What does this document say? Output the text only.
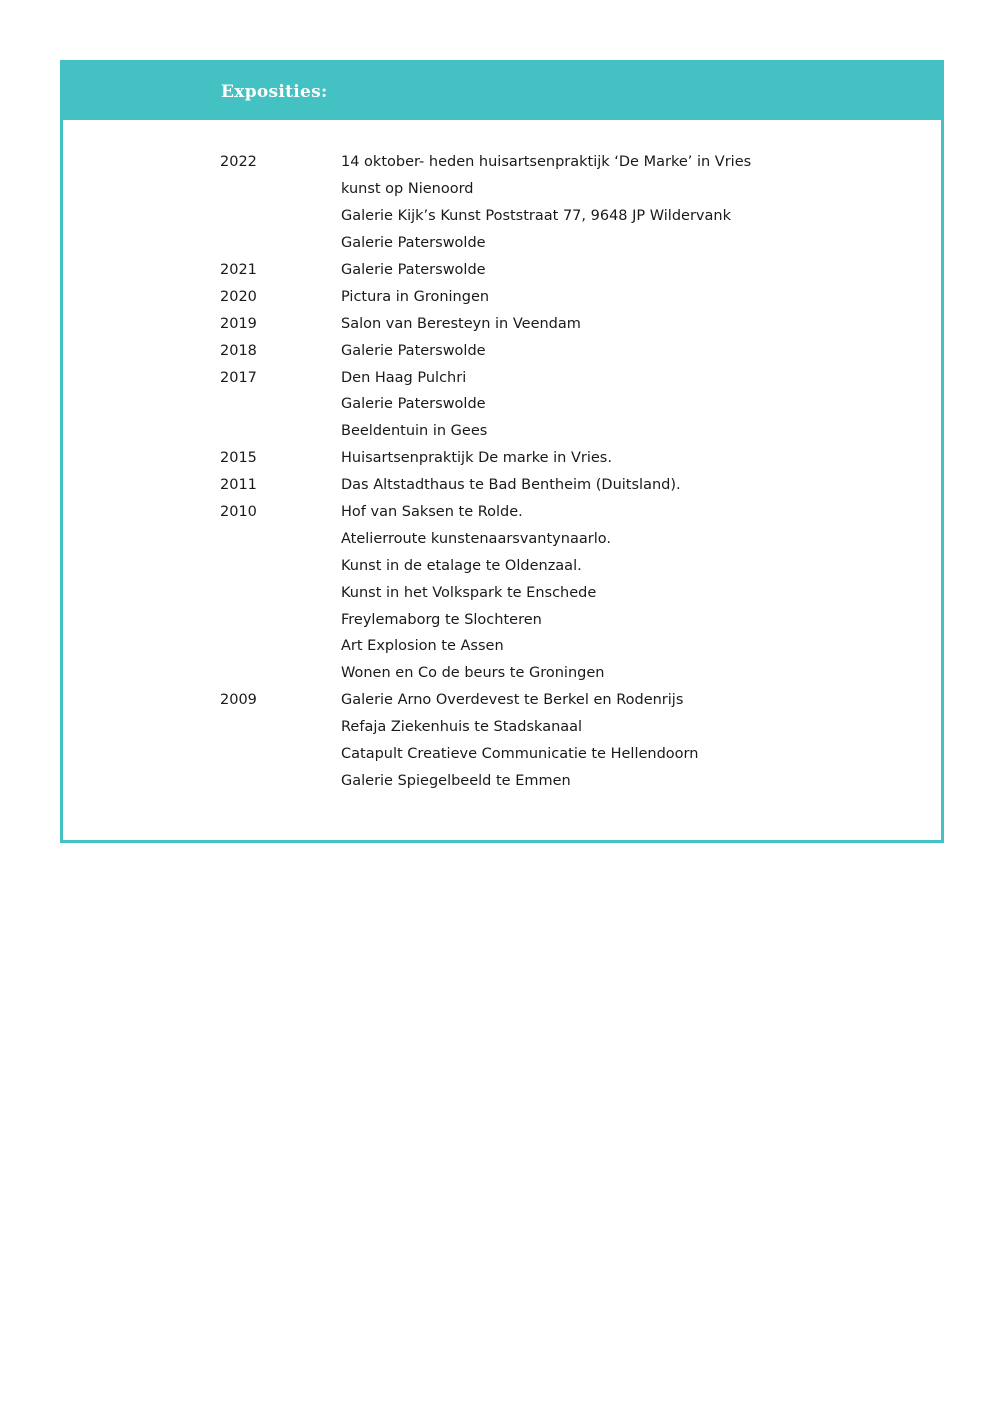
Exposities:
2022	14 oktober- heden huisartsenpraktijk ‘De Marke’ in Vries
kunst op Nienoord
Galerie Kijk’s Kunst Poststraat 77, 9648 JP Wildervank
Galerie Paterswolde
2021	Galerie Paterswolde
2020	Pictura in Groningen
2019	Salon van Beresteyn in Veendam
2018	Galerie Paterswolde
2017	Den Haag Pulchri
Galerie Paterswolde
Beeldentuin in Gees
2015	Huisartsenpraktijk De marke in Vries.
2011	Das Altstadthaus te Bad Bentheim (Duitsland).
2010	Hof van Saksen te Rolde.
Atelierroute kunstenaarsvantynaarlo.
Kunst in de etalage te Oldenzaal.
Kunst in het Volkspark te Enschede
Freylemaborg te Slochteren
Art Explosion te Assen
Wonen en Co de beurs te Groningen
2009	Galerie Arno Overdevest te Berkel en Rodenrijs
Refaja Ziekenhuis te Stadskanaal
Catapult Creatieve Communicatie te Hellendoorn
Galerie Spiegelbeeld te Emmen
